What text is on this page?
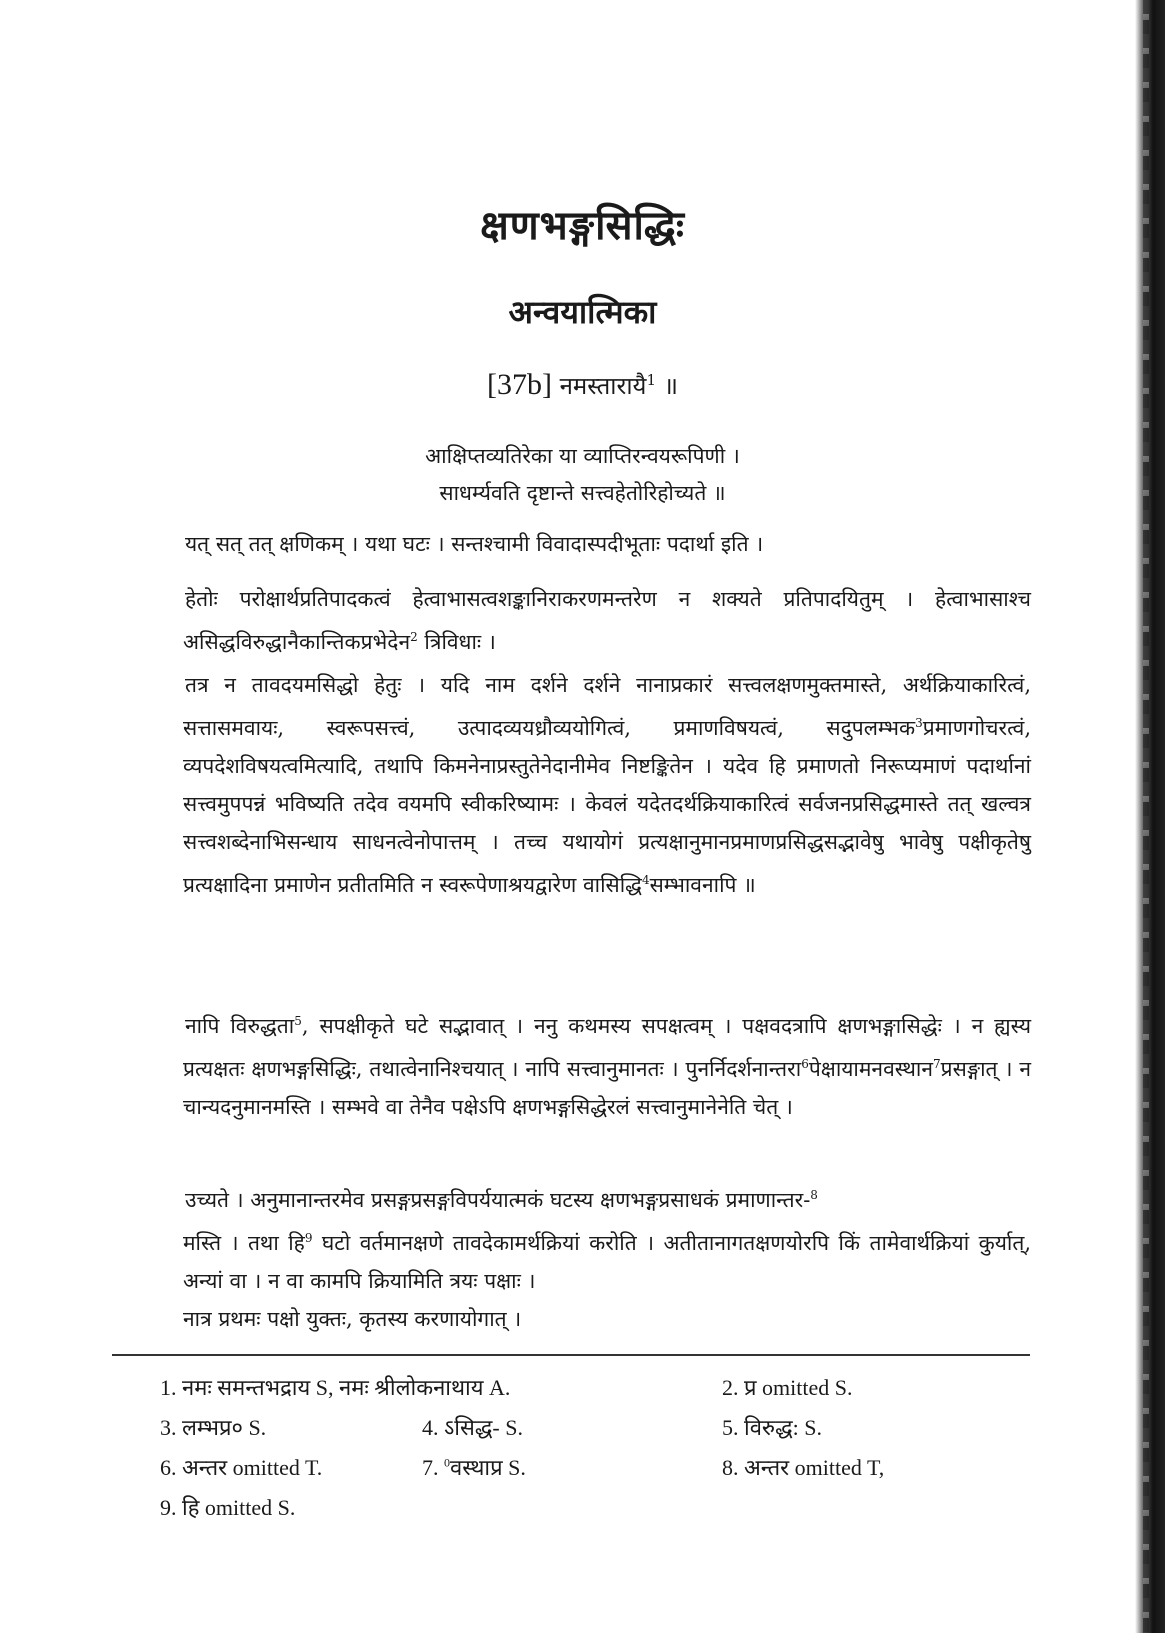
क्षणभङ्गसिद्धिः
अन्वयात्मिका
[37b] नमस्तारायै$^1$ ॥
आक्षिप्तव्यतिरेका या व्याप्तिरन्वयरूपिणी ।
साधर्म्यवति दृष्टान्ते सत्त्वहेतोरिहोच्यते ॥

यत् सत् तत् क्षणिकम् । यथा घटः । सन्तश्चामी विवादास्पदीभूताः पदार्था इति ।

हेतोः परोक्षार्थप्रतिपादकत्वं हेत्वाभासत्वशङ्कानिराकरणमन्तरेण न शक्यते प्रतिपादयितुम् । हेत्वाभासाश्च असिद्धविरुद्धानैकान्तिकप्रभेदेन$^2$ त्रिविधाः ।

तत्र न तावदयमसिद्धो हेतुः । यदि नाम दर्शने दर्शने नानाप्रकारं सत्त्वलक्षणमुक्तमास्ते, अर्थक्रियाकारित्वं, सत्तासमवायः, स्वरूपसत्त्वं, उत्पादव्ययध्रौव्ययोगित्वं, प्रमाणविषयत्वं, सदुपलम्भक$^3$प्रमाणगोचरत्वं, व्यपदेशविषयत्वमित्यादि, तथापि किमनेनाप्रस्तुतेनेदानीमेव निष्टङ्कितेन । यदेव हि प्रमाणतो निरूप्यमाणं पदार्थानां सत्त्वमुपपन्नं भविष्यति तदेव वयमपि स्वीकरिष्यामः । केवलं यदेतदर्थक्रियाकारित्वं सर्वजनप्रसिद्धमास्ते तत् खल्वत्र सत्त्वशब्देनाभिसन्धाय साधनत्वेनोपात्तम् । तच्च यथायोगं प्रत्यक्षानुमानप्रमाणप्रसिद्धसद्भावेषु भावेषु पक्षीकृतेषु प्रत्यक्षादिना प्रमाणेन प्रतीतमिति न स्वरूपेणाश्रयद्वारेण वासिद्धि$^4$सम्भावनापि ॥

नापि विरुद्धता$^5$, सपक्षीकृते घटे सद्भावात् । ननु कथमस्य सपक्षत्वम् । पक्षवदत्रापि क्षणभङ्गासिद्धेः । न ह्यस्य प्रत्यक्षतः क्षणभङ्गसिद्धिः, तथात्वेनानिश्चयात् । नापि सत्त्वानुमानतः । पुनर्निदर्शनान्तरा$^6$पेक्षायामनवस्थान$^7$प्रसङ्गात् । न चान्यदनुमानमस्ति । सम्भवे वा तेनैव पक्षेऽपि क्षणभङ्गसिद्धेरलं सत्त्वानुमानेनेति चेत् ।

उच्यते । अनुमानान्तरमेव प्रसङ्गप्रसङ्गविपर्ययात्मकं घटस्य क्षणभङ्गप्रसाधकं प्रमाणान्तर-$^8$
मस्ति । तथा हि$^9$ घटो वर्तमानक्षणे तावदेकामर्थक्रियां करोति । अतीतानागतक्षणयोरपि किं तामेवार्थक्रियां कुर्यात्, अन्यां वा । न वा कामपि क्रियामिति त्रयः पक्षाः ।

नात्र प्रथमः पक्षो युक्तः, कृतस्य करणायोगात् ।

1. नमः समन्तभद्राय S, नमः श्रीलोकनाथाय A.	2. प्र omitted S.
3. लम्भप्र० S.	4. ऽसिद्ध- S.	5. विरुद्ध: S.
6. अन्तर omitted T.	7. $^0$वस्थाप्र S.	8. अन्तर omitted T,
9. हि omitted S.
